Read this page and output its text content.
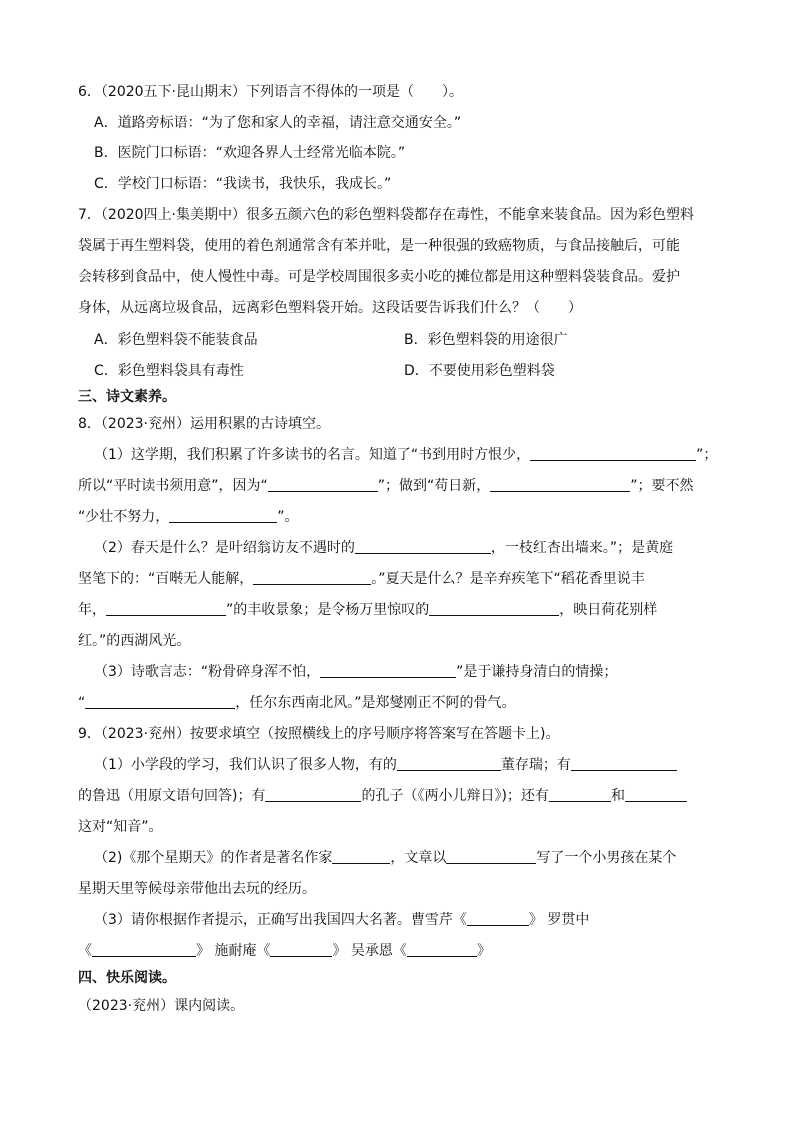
6．（2020五下·昆山期末）下列语言不得体的一项是（　　）。
A．道路旁标语：“为了您和家人的幸福，请注意交通安全。”
B．医院门口标语：“欢迎各界人士经常光临本院。”
C．学校门口标语：“我读书，我快乐，我成长。”
7．（2020四上·集美期中）很多五颜六色的彩色塑料袋都存在毒性，不能拿来装食品。因为彩色塑料
袋属于再生塑料袋，使用的着色剂通常含有苯并吡，是一种很强的致癌物质，与食品接触后，可能
会转移到食品中，使人慢性中毒。可是学校周围很多卖小吃的摊位都是用这种塑料袋装食品。爱护
身体，从远离垃圾食品，远离彩色塑料袋开始。这段话要告诉我们什么？（　　）
A．彩色塑料袋不能装食品	B．彩色塑料袋的用途很广
C．彩色塑料袋具有毒性	D．不要使用彩色塑料袋
三、诗文素养。
8．（2023·兖州）运用积累的古诗填空。
（1）这学期，我们积累了许多读书的名言。知道了“书到用时方恨少，	”；
所以“平时读书须用意”，因为“	”；做到“苟日新，	”；要不然
“少壮不努力，	”。
（2）春天是什么？是叶绍翁访友不遇时的	，一枝红杏出墙来。”；是黄庭
坚笔下的：“百啭无人能解，	。”夏天是什么？是辛弃疾笔下“稻花香里说丰
年，	”的丰收景象；是令杨万里惊叹的	，映日荷花别样
红。”的西湖风光。
（3）诗歌言志：“粉骨碎身浑不怕，	”是于谦持身清白的情操；
“	，任尔东西南北风。”是郑燮刚正不阿的骨气。
9．（2023·兖州）按要求填空（按照横线上的序号顺序将答案写在答题卡上)。
（1）小学段的学习，我们认识了很多人物，有的	董存瑞；有
的鲁迅（用原文语句回答)；有	的孔子（《两小儿辩日》)；还有	和
这对“知音”。
（2)《那个星期天》的作者是著名作家	，文章以	写了一个小男孩在某个
星期天里等候母亲带他出去玩的经历。
（3）请你根据作者提示，正确写出我国四大名著。曹雪芹《	》 罗贯中
《	》 施耐庵《	》 吴承恩《	》
四、快乐阅读。
（2023·兖州）课内阅读。
